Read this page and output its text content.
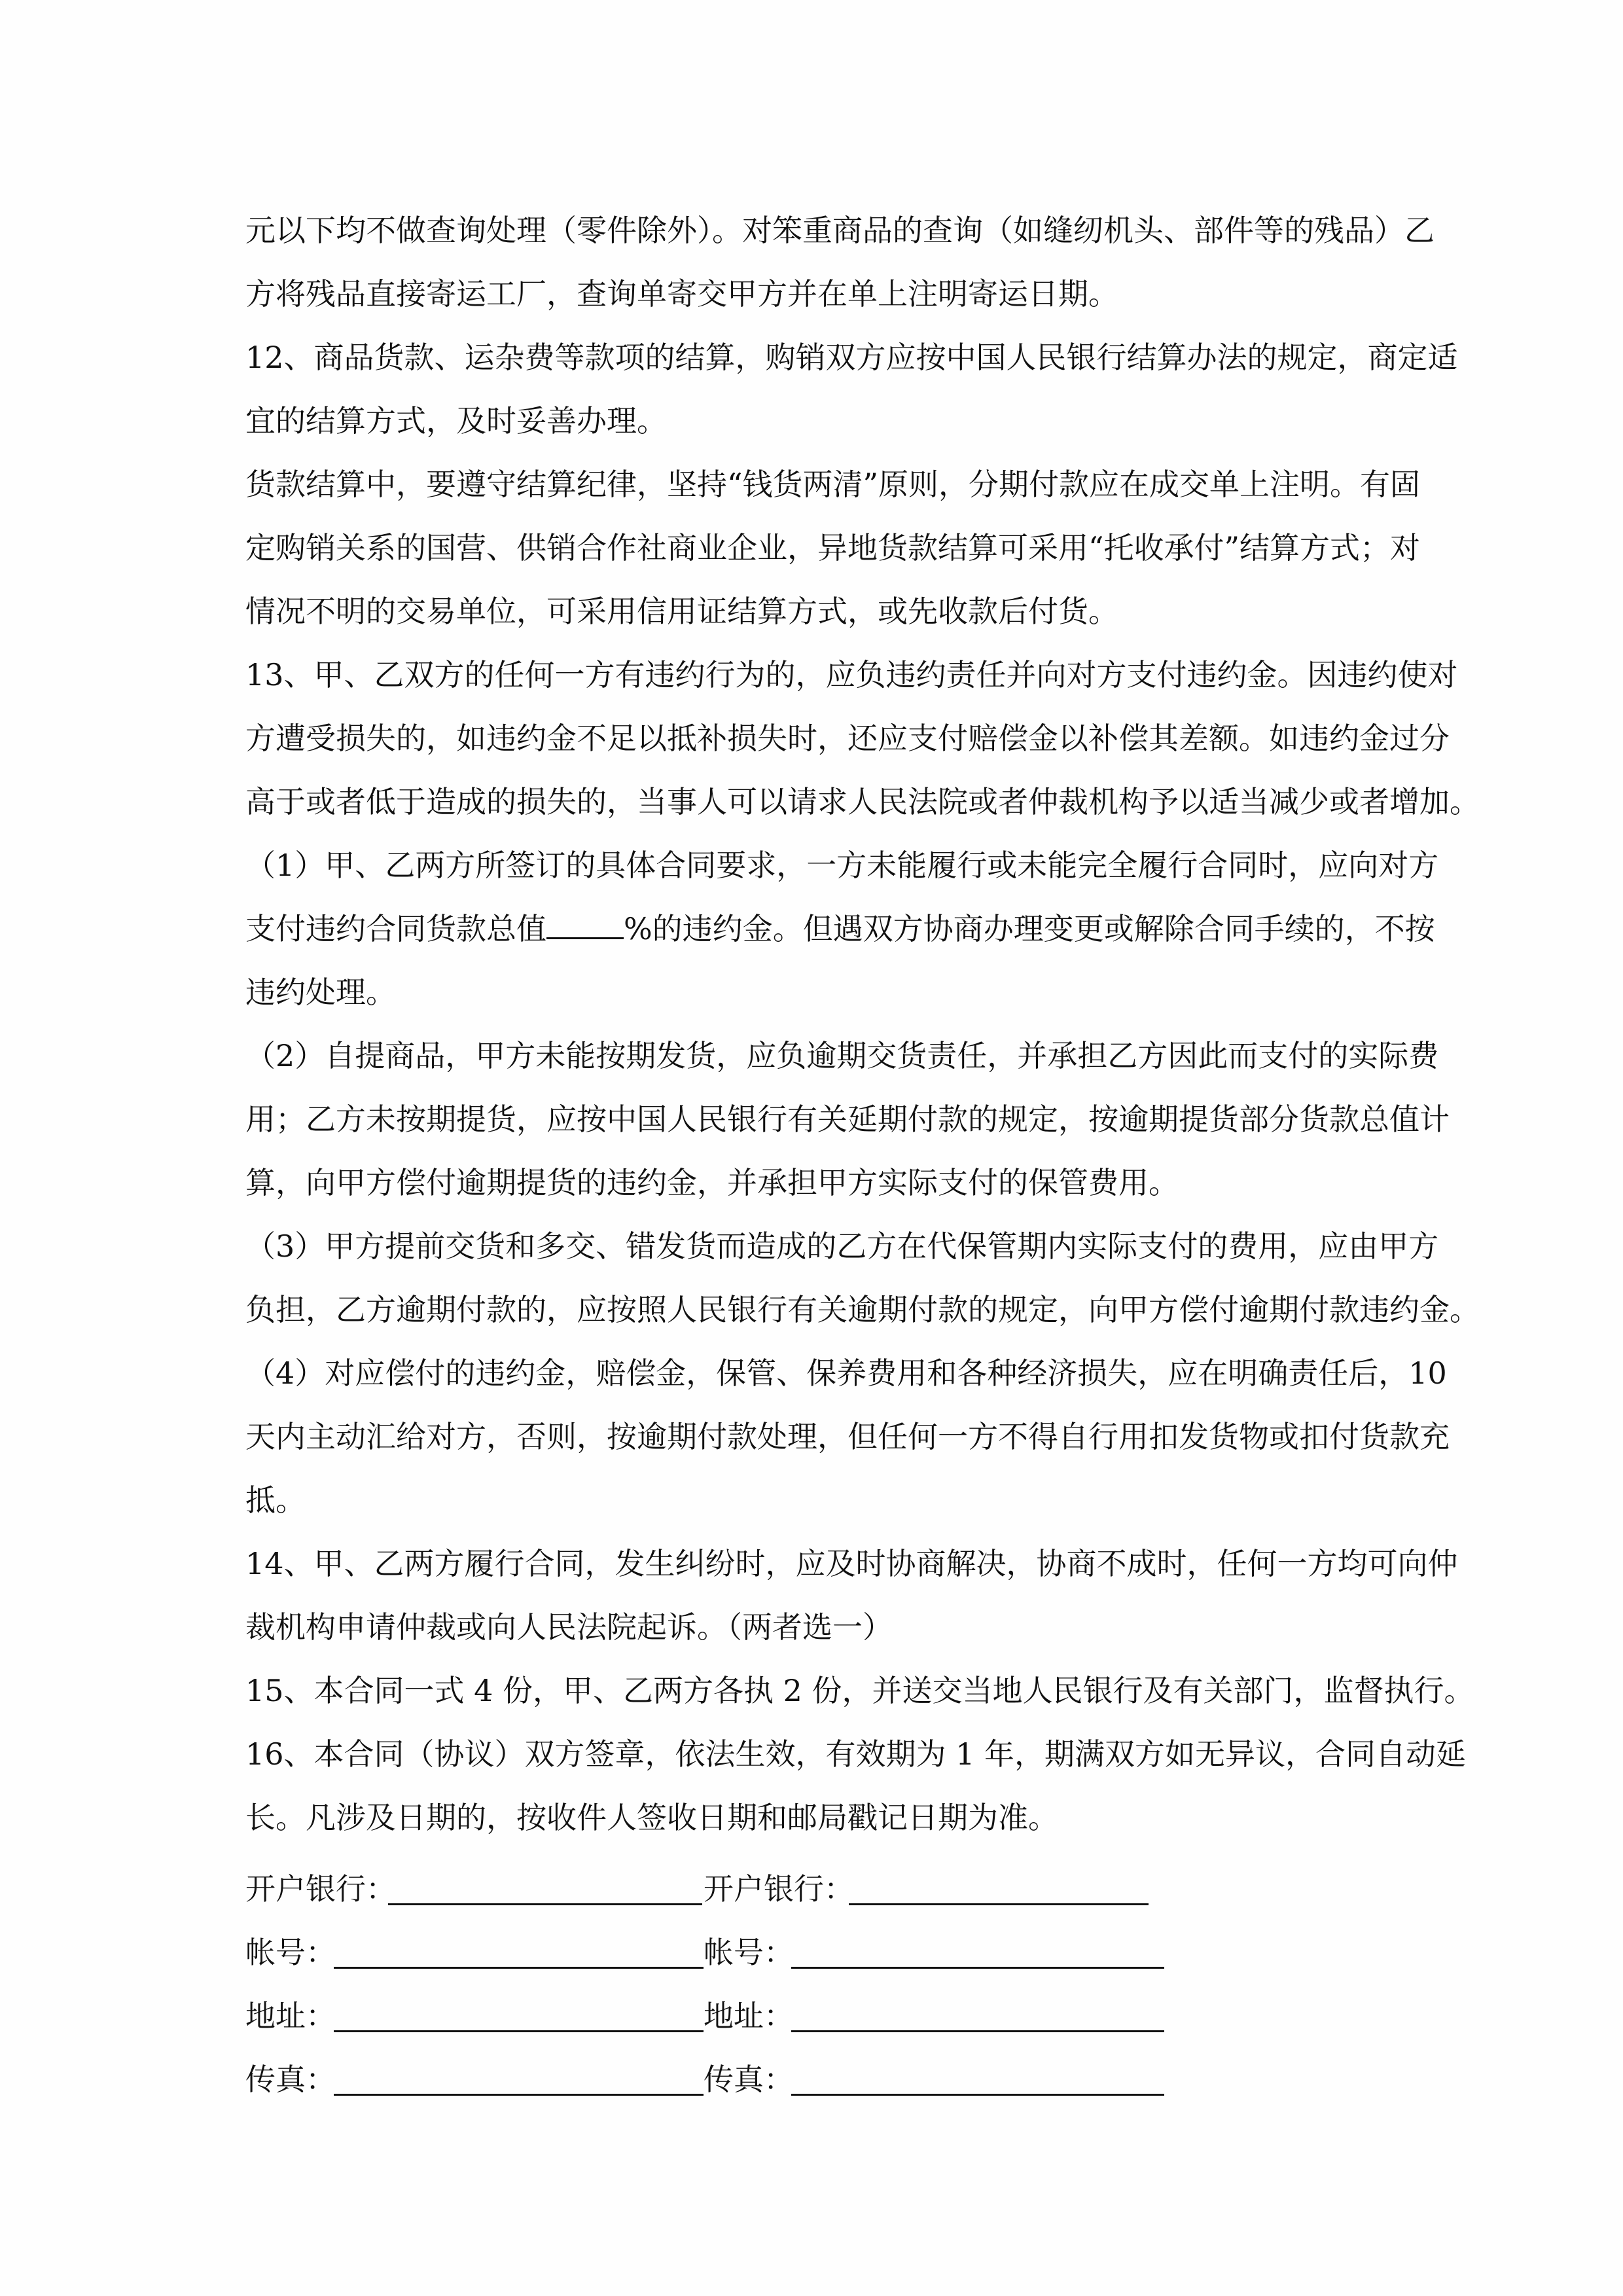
元以下均不做查询处理（零件除外）。对笨重商品的查询（如缝纫机头、部件等的残品）乙
方将残品直接寄运工厂，查询单寄交甲方并在单上注明寄运日期。
12、商品货款、运杂费等款项的结算，购销双方应按中国人民银行结算办法的规定，商定适
宜的结算方式，及时妥善办理。
货款结算中，要遵守结算纪律，坚持“钱货两清”原则，分期付款应在成交单上注明。有固
定购销关系的国营、供销合作社商业企业，异地货款结算可采用“托收承付”结算方式；对
情况不明的交易单位，可采用信用证结算方式，或先收款后付货。
13、甲、乙双方的任何一方有违约行为的，应负违约责任并向对方支付违约金。因违约使对
方遭受损失的，如违约金不足以抵补损失时，还应支付赔偿金以补偿其差额。如违约金过分
高于或者低于造成的损失的，当事人可以请求人民法院或者仲裁机构予以适当减少或者增加。
（1）甲、乙两方所签订的具体合同要求，一方未能履行或未能完全履行合同时，应向对方
支付违约合同货款总值	%的违约金。但遇双方协商办理变更或解除合同手续的，不按
违约处理。
（2）自提商品，甲方未能按期发货，应负逾期交货责任，并承担乙方因此而支付的实际费
用；乙方未按期提货，应按中国人民银行有关延期付款的规定，按逾期提货部分货款总值计
算，向甲方偿付逾期提货的违约金，并承担甲方实际支付的保管费用。
（3）甲方提前交货和多交、错发货而造成的乙方在代保管期内实际支付的费用，应由甲方
负担，乙方逾期付款的，应按照人民银行有关逾期付款的规定，向甲方偿付逾期付款违约金。
（4）对应偿付的违约金，赔偿金，保管、保养费用和各种经济损失，应在明确责任后，10
天内主动汇给对方，否则，按逾期付款处理，但任何一方不得自行用扣发货物或扣付货款充
抵。
14、甲、乙两方履行合同，发生纠纷时，应及时协商解决，协商不成时，任何一方均可向仲
裁机构申请仲裁或向人民法院起诉。（两者选一）
15、本合同一式 4 份，甲、乙两方各执 2 份，并送交当地人民银行及有关部门，监督执行。
16、本合同（协议）双方签章，依法生效，有效期为 1 年，期满双方如无异议，合同自动延
长。凡涉及日期的，按收件人签收日期和邮局戳记日期为准。
开户银行：	开户银行：
帐号：	帐号：
地址：	地址：
传真：	传真：
